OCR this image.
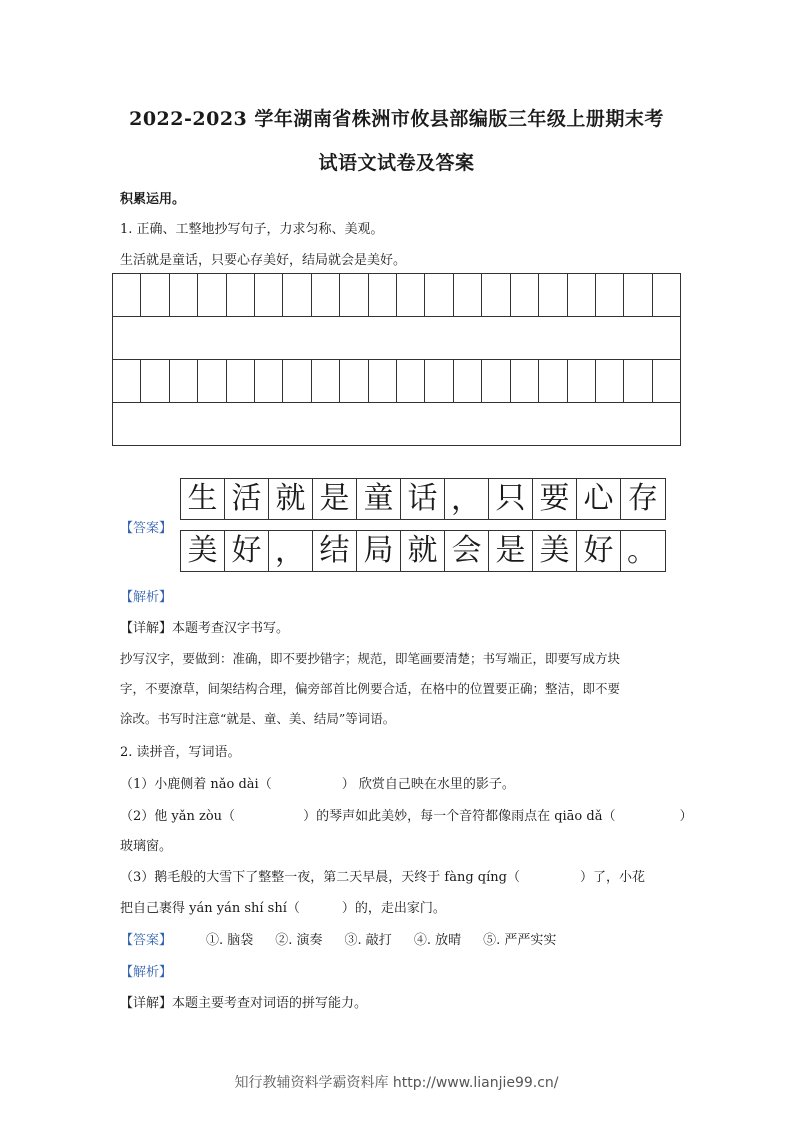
2022-2023 学年湖南省株洲市攸县部编版三年级上册期末考
试语文试卷及答案
积累运用。
1. 正确、工整地抄写句子，力求匀称、美观。
生活就是童话，只要心存美好，结局就会是美好。
【答案】
生 活 就 是 童 话 ， 只 要 心 存
美 好 ， 结 局 就 会 是 美 好 。
【解析】
【详解】本题考查汉字书写。
抄写汉字，要做到：准确，即不要抄错字；规范，即笔画要清楚；书写端正，即要写成方块
字，不要潦草，间架结构合理，偏旁部首比例要合适，在格中的位置要正确；整洁，即不要
涂改。书写时注意“就是、童、美、结局”等词语。
2. 读拼音，写词语。
（1）小鹿侧着 nǎo dài（	） 欣赏自己映在水里的影子。
（2）他 yǎn zòu（	）的琴声如此美妙，每一个音符都像雨点在 qiāo dǎ（	）
玻璃窗。
（3）鹅毛般的大雪下了整整一夜，第二天早晨，天终于 fàng qíng（	）了，小花
把自己裹得 yán yán shí shí（	）的，走出家门。
【答案】	①. 脑袋 ②. 演奏 ③. 敲打 ④. 放晴 ⑤. 严严实实
【解析】
【详解】本题主要考查对词语的拼写能力。
知行教辅资料学霸资料库 http://www.lianjie99.cn/
